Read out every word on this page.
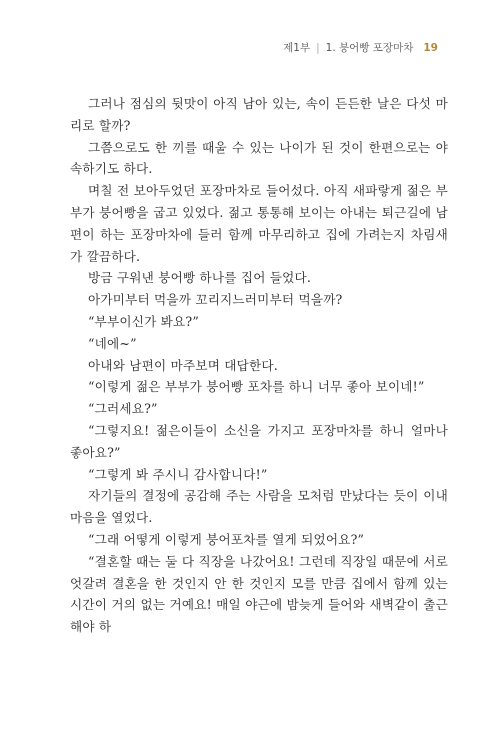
제1부 | 1. 붕어빵 포장마차 19

그러나 점심의 뒷맛이 아직 남아 있는, 속이 든든한 날은 다섯 마리로 할까?

그쯤으로도 한 끼를 때울 수 있는 나이가 된 것이 한편으로는 야속하기도 하다.

며칠 전 보아두었던 포장마차로 들어섰다. 아직 새파랗게 젊은 부부가 붕어빵을 굽고 있었다. 젊고 통통해 보이는 아내는 퇴근길에 남편이 하는 포장마차에 들러 함께 마무리하고 집에 가려는지 차림새가 깔끔하다.

방금 구워낸 붕어빵 하나를 집어 들었다.

아가미부터 먹을까 꼬리지느러미부터 먹을까?

“부부이신가 봐요?”

“네에~”

아내와 남편이 마주보며 대답한다.

“이렇게 젊은 부부가 붕어빵 포차를 하니 너무 좋아 보이네!”

“그러세요?”

“그렇지요! 젊은이들이 소신을 가지고 포장마차를 하니 얼마나 좋아요?”

“그렇게 봐 주시니 감사합니다!”

자기들의 결정에 공감해 주는 사람을 모처럼 만났다는 듯이 이내 마음을 열었다.

“그래 어떻게 이렇게 붕어포차를 열게 되었어요?”

“결혼할 때는 둘 다 직장을 나갔어요! 그런데 직장일 때문에 서로 엇갈려 결혼을 한 것인지 안 한 것인지 모를 만큼 집에서 함께 있는 시간이 거의 없는 거예요! 매일 야근에 밤늦게 들어와 새벽같이 출근해야 하
